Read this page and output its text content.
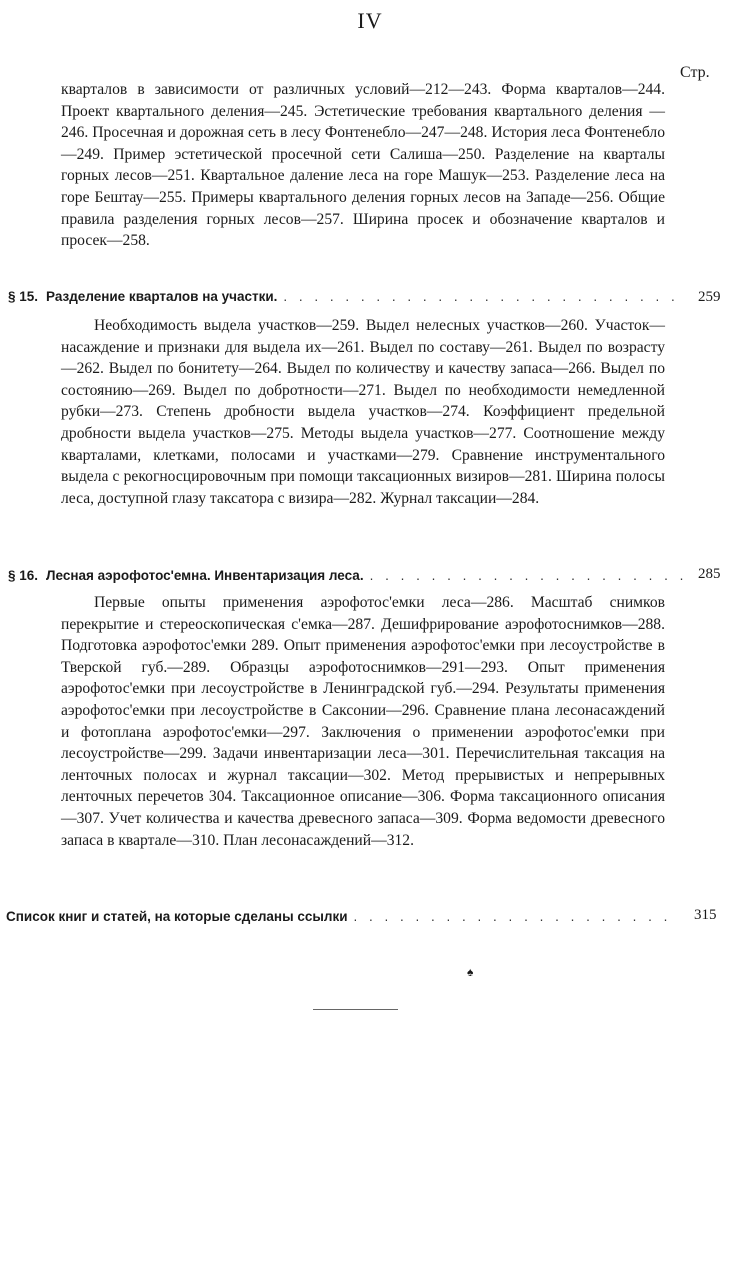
IV
Стр.

кварталов в зависимости от различных условий—212—243. Форма кварталов—244. Проект квартального деления—245. Эстетические требования квартального деления — 246. Просечная и дорожная сеть в лесу Фонтенебло—247—248. История леса Фонтенебло—249. Пример эстетической просечной сети Салиша—250. Разделение на кварталы горных лесов—251. Квартальное даление леса на горе Машук—253. Разделение леса на горе Бештау—255. Примеры квартального деления горных лесов на Западе—256. Общие правила разделения горных лесов—257. Ширина просек и обозначение кварталов и просек—258.

§ 15. Разделение кварталов на участки. . . .	259

Необходимость выдела участков—259. Выдел нелесных участков—260. Участок—насаждение и признаки для выдела их—261. Выдел по составу—261. Выдел по возрасту—262. Выдел по бонитету—264. Выдел по количеству и качеству запаса—266. Выдел по состоянию—269. Выдел по добротности—271. Выдел по необходимости немедленной рубки—273. Степень дробности выдела участков—274. Коэффициент предельной дробности выдела участков—275. Методы выдела участков—277. Соотношение между кварталами, клетками, полосами и участками—279. Сравнение инструментального выдела с рекогносцировочным при помощи таксационных визиров—281. Ширина полосы леса, доступной глазу таксатора с визира—282. Журнал таксации—284.

§ 16. Лесная аэрофотос'емна. Инвентаризация леса. . . .	285

Первые опыты применения аэрофотос'емки леса—286. Масштаб снимков перекрытие и стереоскопическая с'емка—287. Дешифрирование аэрофотоснимков—288. Подготовка аэрофотос'емки 289. Опыт применения аэрофотос'емки при лесоустройстве в Тверской губ.—289. Образцы аэрофотоснимков—291—293. Опыт применения аэрофотос'емки при лесоустройстве в Ленинградской губ.—294. Результаты применения аэрофотос'емки при лесоустройстве в Саксонии—296. Сравнение плана лесонасаждений и фотоплана аэрофотос'емки—297. Заключения о применении аэрофотос'емки при лесоустройстве—299. Задачи инвентаризации леса—301. Перечислительная таксация на ленточных полосах и журнал таксации—302. Метод прерывистых и непрерывных ленточных перечетов 304. Таксационное описание—306. Форма таксационного описания—307. Учет количества и качества древесного запаса—309. Форма ведомости древесного запаса в квартале—310. План лесонасаждений—312.

Список книг и статей, на которые сделаны ссылки . . .	315
♠
